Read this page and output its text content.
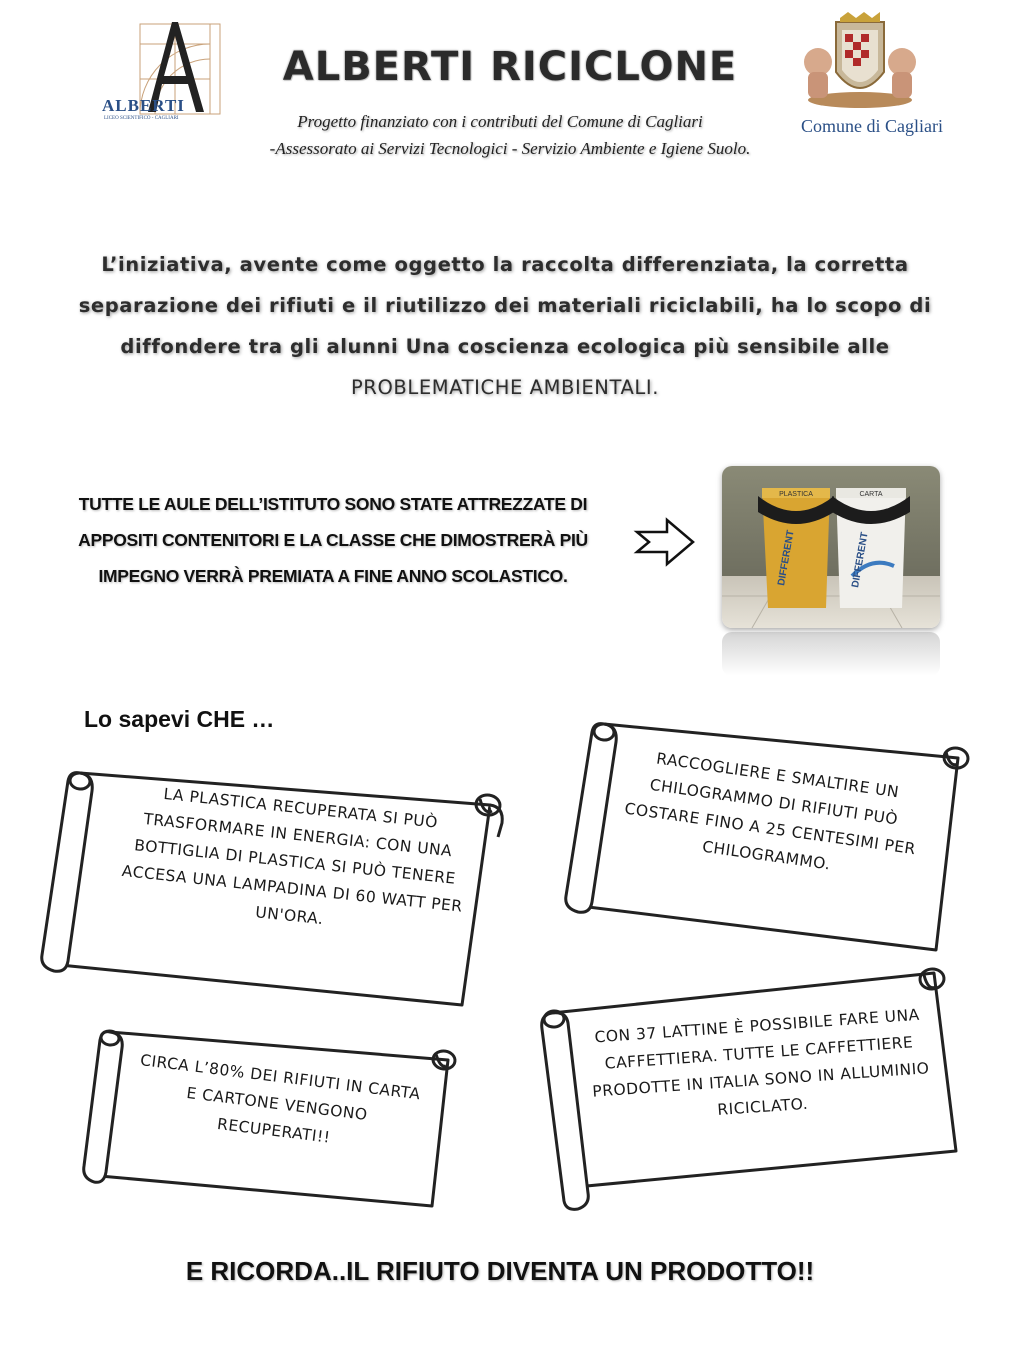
ALBERTI
LICEO SCIENTIFICO - CAGLIARI
ALBERTI RICICLONE
Progetto finanziato con i contributi del Comune di Cagliari
-Assessorato ai Servizi Tecnologici - Servizio Ambiente e Igiene Suolo.
Comune di Cagliari
L’iniziativa, avente come oggetto la raccolta differenziata, la corretta separazione dei rifiuti e il riutilizzo dei materiali riciclabili, ha lo scopo di diffondere tra gli alunni Una coscienza ecologica più sensibile alle PROBLEMATICHE AMBIENTALI.
TUTTE LE AULE DELL’ISTITUTO SONO STATE ATTREZZATE DI APPOSITI CONTENITORI E LA CLASSE CHE DIMOSTRERÀ PIÙ IMPEGNO VERRÀ PREMIATA A FINE ANNO SCOLASTICO.
PLASTICA
DIFFERENT
CARTA
DIFFERENT
Lo sapevi CHE …
LA PLASTICA RECUPERATA SI PUÒ TRASFORMARE IN ENERGIA: CON UNA BOTTIGLIA DI PLASTICA SI PUÒ TENERE ACCESA UNA LAMPADINA DI 60 WATT PER UN'ORA.
RACCOGLIERE E SMALTIRE UN CHILOGRAMMO DI RIFIUTI PUÒ COSTARE FINO A 25 CENTESIMI PER CHILOGRAMMO.
CIRCA L’80% DEI RIFIUTI IN CARTA E CARTONE VENGONO RECUPERATI!!
CON 37 LATTINE È POSSIBILE FARE UNA CAFFETTIERA. TUTTE LE CAFFETTIERE PRODOTTE IN ITALIA SONO IN ALLUMINIO RICICLATO.
E RICORDA..IL RIFIUTO DIVENTA UN PRODOTTO!!
